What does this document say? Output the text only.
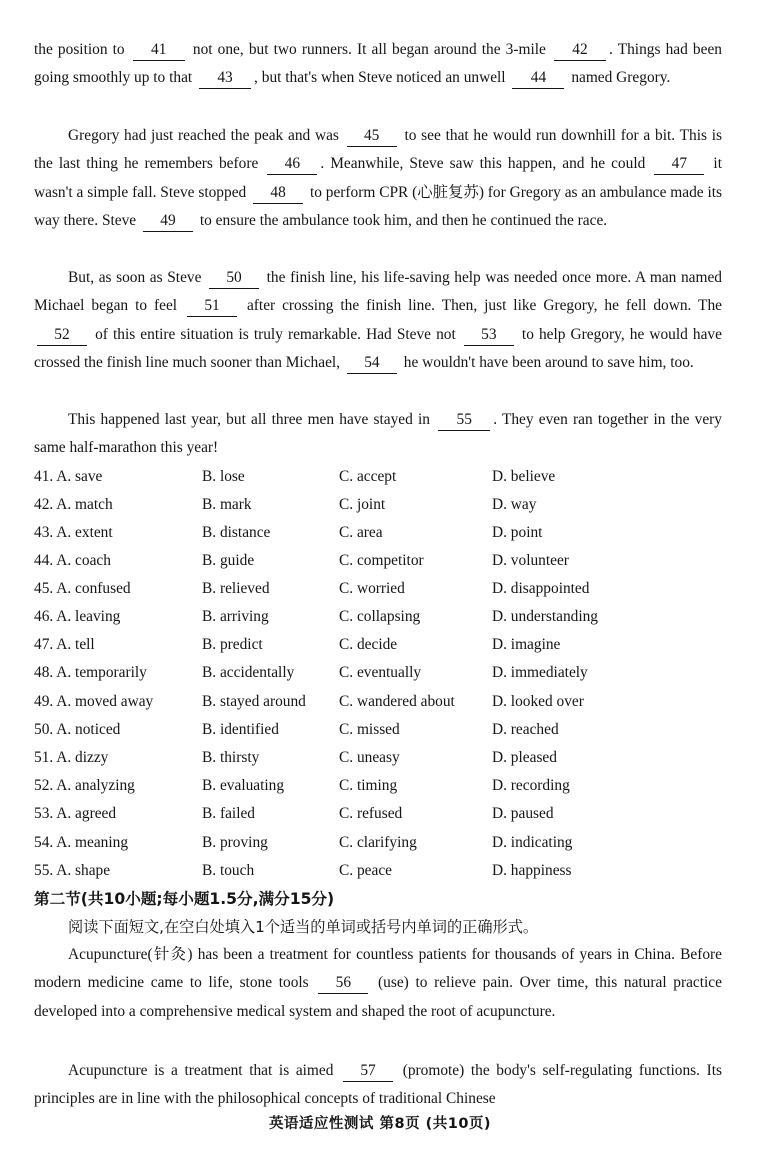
the position to 41 not one, but two runners. It all began around the 3-mile 42 . Things had been going smoothly up to that 43 , but that's when Steve noticed an unwell 44 named Gregory.

Gregory had just reached the peak and was 45 to see that he would run downhill for a bit. This is the last thing he remembers before 46 . Meanwhile, Steve saw this happen, and he could 47 it wasn't a simple fall. Steve stopped 48 to perform CPR (心脏复苏) for Gregory as an ambulance made its way there. Steve 49 to ensure the ambulance took him, and then he continued the race.

But, as soon as Steve 50 the finish line, his life-saving help was needed once more. A man named Michael began to feel 51 after crossing the finish line. Then, just like Gregory, he fell down. The 52 of this entire situation is truly remarkable. Had Steve not 53 to help Gregory, he would have crossed the finish line much sooner than Michael, 54 he wouldn't have been around to save him, too.

This happened last year, but all three men have stayed in 55 . They even ran together in the very same half-marathon this year!

41. A. save	B. lose	C. accept	D. believe
42. A. match	B. mark	C. joint	D. way
43. A. extent	B. distance	C. area	D. point
44. A. coach	B. guide	C. competitor	D. volunteer
45. A. confused	B. relieved	C. worried	D. disappointed
46. A. leaving	B. arriving	C. collapsing	D. understanding
47. A. tell	B. predict	C. decide	D. imagine
48. A. temporarily	B. accidentally	C. eventually	D. immediately
49. A. moved away	B. stayed around C. wandered about D. looked over
50. A. noticed	B. identified	C. missed	D. reached
51. A. dizzy	B. thirsty	C. uneasy	D. pleased
52. A. analyzing	B. evaluating	C. timing	D. recording
53. A. agreed	B. failed	C. refused	D. paused
54. A. meaning	B. proving	C. clarifying	D. indicating
55. A. shape	B. touch	C. peace	D. happiness
第二节(共10小题;每小题1.5分,满分15分)
阅读下面短文,在空白处填入1个适当的单词或括号内单词的正确形式。

Acupuncture(针灸) has been a treatment for countless patients for thousands of years in China. Before modern medicine came to life, stone tools 56 (use) to relieve pain. Over time, this natural practice developed into a comprehensive medical system and shaped the root of acupuncture.

Acupuncture is a treatment that is aimed 57 (promote) the body's self-regulating functions. Its principles are in line with the philosophical concepts of traditional Chinese

英语适应性测试 第8页 (共10页)
